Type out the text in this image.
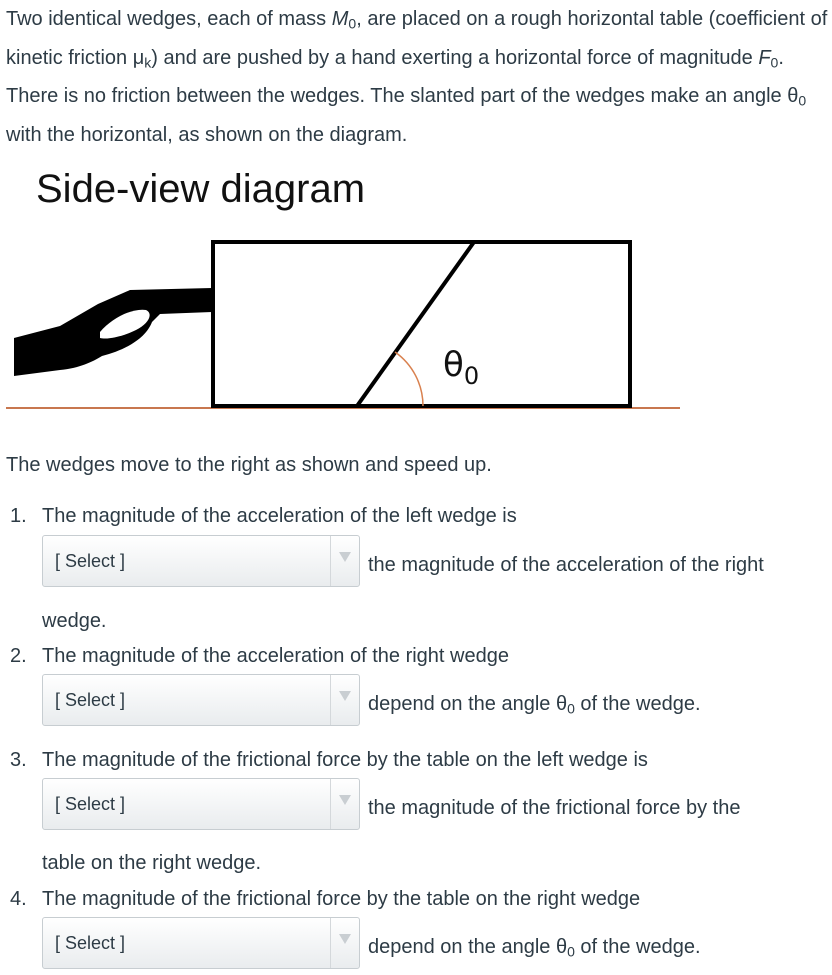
Two identical wedges, each of mass $M_0$, are placed on a rough horizontal table (coefficient of kinetic friction $\mu_k$) and are pushed by a hand exerting a horizontal force of magnitude $F_0$. There is no friction between the wedges. The slanted part of the wedges make an angle $\theta_0$ with the horizontal, as shown on the diagram.

Side-view diagram
$\theta_0$

The wedges move to the right as shown and speed up.

1. The magnitude of the acceleration of the left wedge is
[ Select ]	the magnitude of the acceleration of the right
wedge.
2. The magnitude of the acceleration of the right wedge
[ Select ]	depend on the angle $\theta_0$ of the wedge.
3. The magnitude of the frictional force by the table on the left wedge is
[ Select ]	the magnitude of the frictional force by the
table on the right wedge.
4. The magnitude of the frictional force by the table on the right wedge
[ Select ]	depend on the angle $\theta_0$ of the wedge.
